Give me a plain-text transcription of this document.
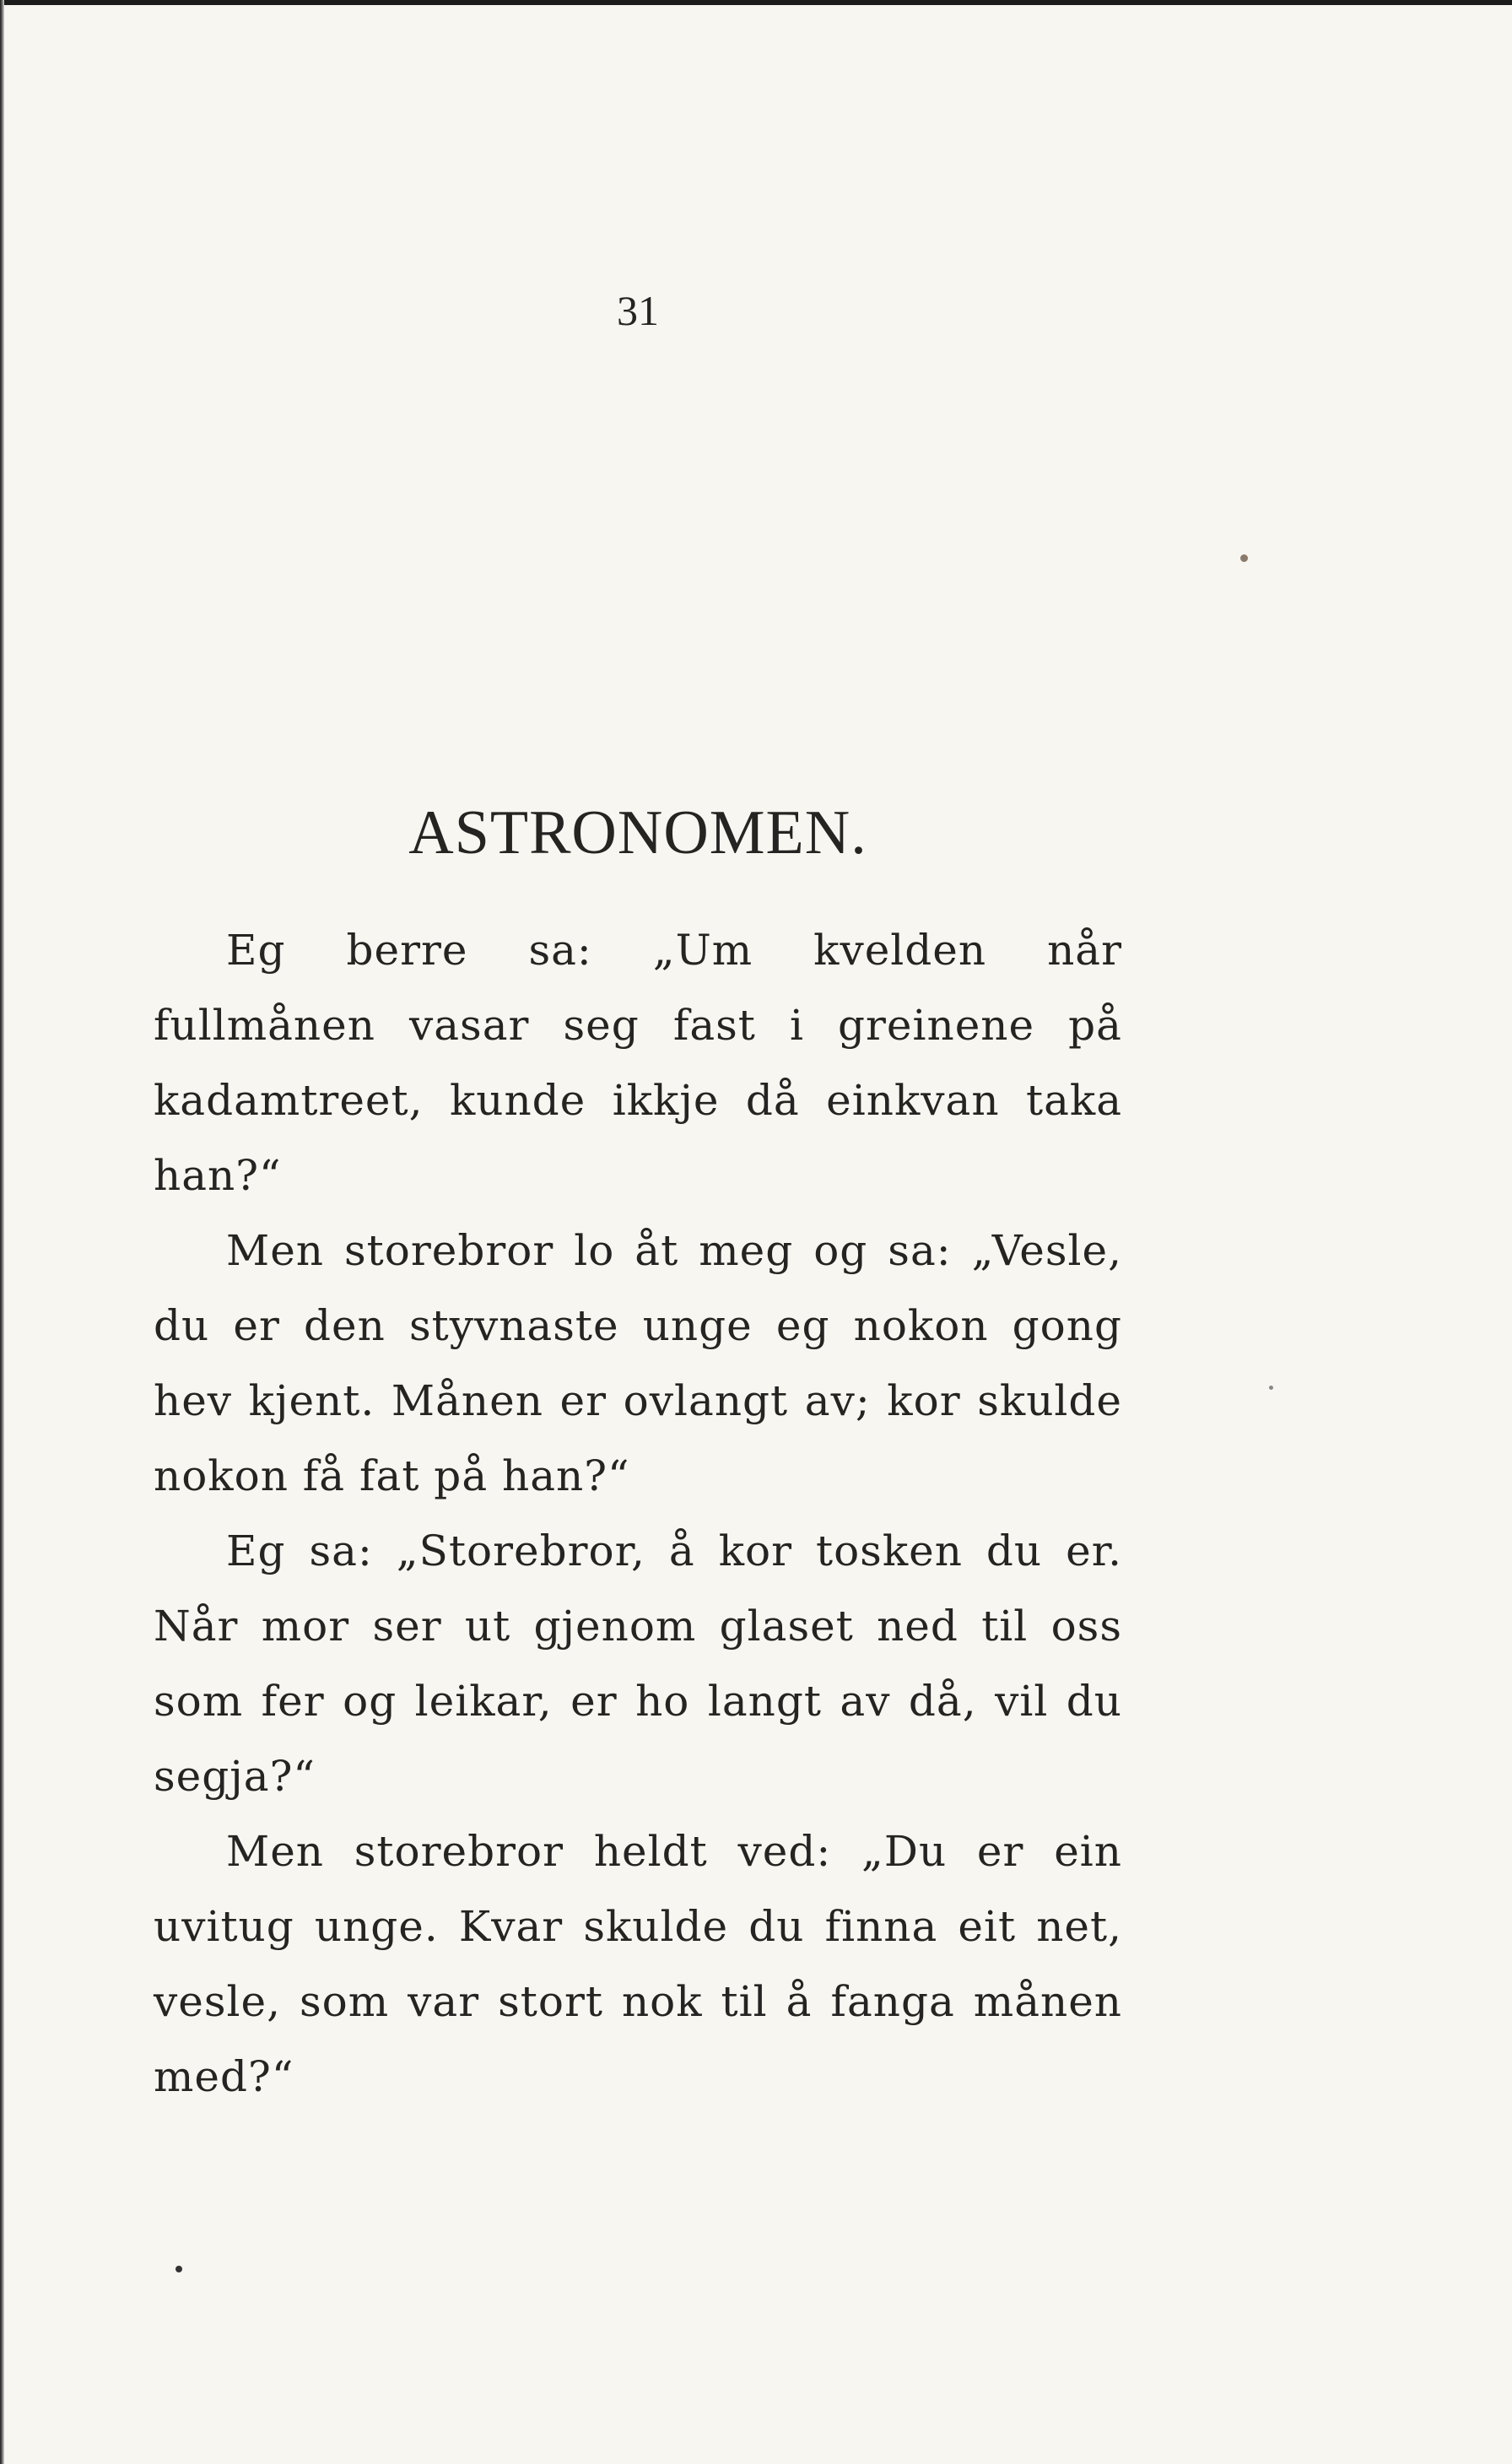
31
ASTRONOMEN.

Eg berre sa: „Um kvelden når fullmånen vasar seg fast i greinene på kadamtreet, kunde ikkje då einkvan taka han?“

Men storebror lo åt meg og sa: „Vesle, du er den styvnaste unge eg nokon gong hev kjent. Månen er ovlangt av; kor skulde nokon få fat på han?“

Eg sa: „Storebror, å kor tosken du er. Når mor ser ut gjenom glaset ned til oss som fer og leikar, er ho langt av då, vil du segja?“

Men storebror heldt ved: „Du er ein uvitug unge. Kvar skulde du finna eit net, vesle, som var stort nok til å fanga månen med?“
